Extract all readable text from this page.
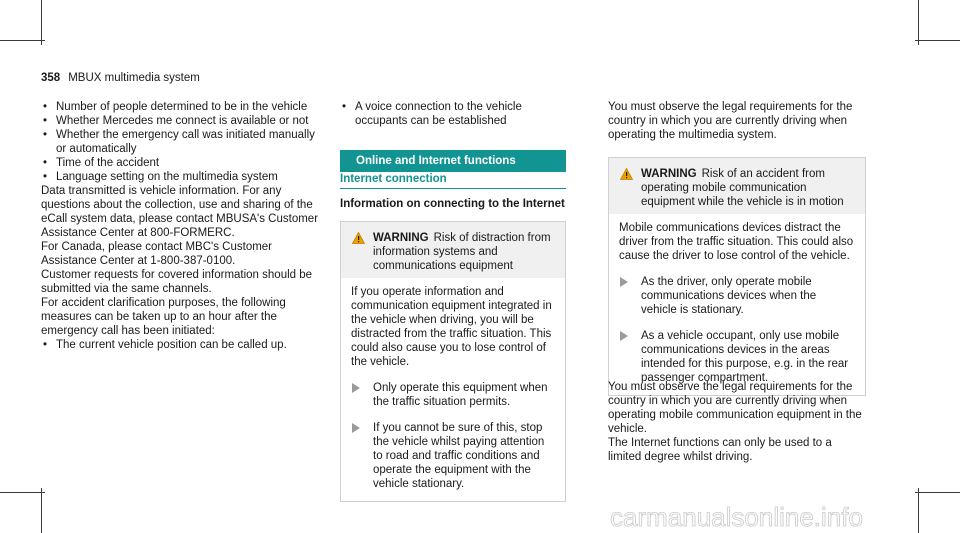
358 MBUX multimedia system
• Number of people determined to be in the vehicle
• Whether Mercedes me connect is available or not
• Whether the emergency call was initiated manually or automatically
• Time of the accident
• Language setting on the multimedia system

Data transmitted is vehicle information. For any questions about the collection, use and sharing of the eCall system data, please contact MBUSA's Customer Assistance Center at 800-FORMERC.

For Canada, please contact MBC's Customer Assistance Center at 1-800-387-0100.

Customer requests for covered information should be submitted via the same channels.

For accident clarification purposes, the following measures can be taken up to an hour after the emergency call has been initiated:

• The current vehicle position can be called up.
• A voice connection to the vehicle occupants can be established
Online and Internet functions
Internet connection
Information on connecting to the Internet
WARNING Risk of distraction from information systems and communications equipment

If you operate information and communication equipment integrated in the vehicle when driving, you will be distracted from the traffic situation. This could also cause you to lose control of the vehicle.

Only operate this equipment when the traffic situation permits.
If you cannot be sure of this, stop the vehicle whilst paying attention to road and traffic conditions and operate the equipment with the vehicle stationary.

You must observe the legal requirements for the country in which you are currently driving when operating the multimedia system.

WARNING Risk of an accident from operating mobile communication equipment while the vehicle is in motion

Mobile communications devices distract the driver from the traffic situation. This could also cause the driver to lose control of the vehicle.

As the driver, only operate mobile communications devices when the vehicle is stationary.
As a vehicle occupant, only use mobile communications devices in the areas intended for this purpose, e.g. in the rear passenger compartment.

You must observe the legal requirements for the country in which you are currently driving when operating mobile communication equipment in the vehicle.

The Internet functions can only be used to a limited degree whilst driving.

carmanualsonline.info
